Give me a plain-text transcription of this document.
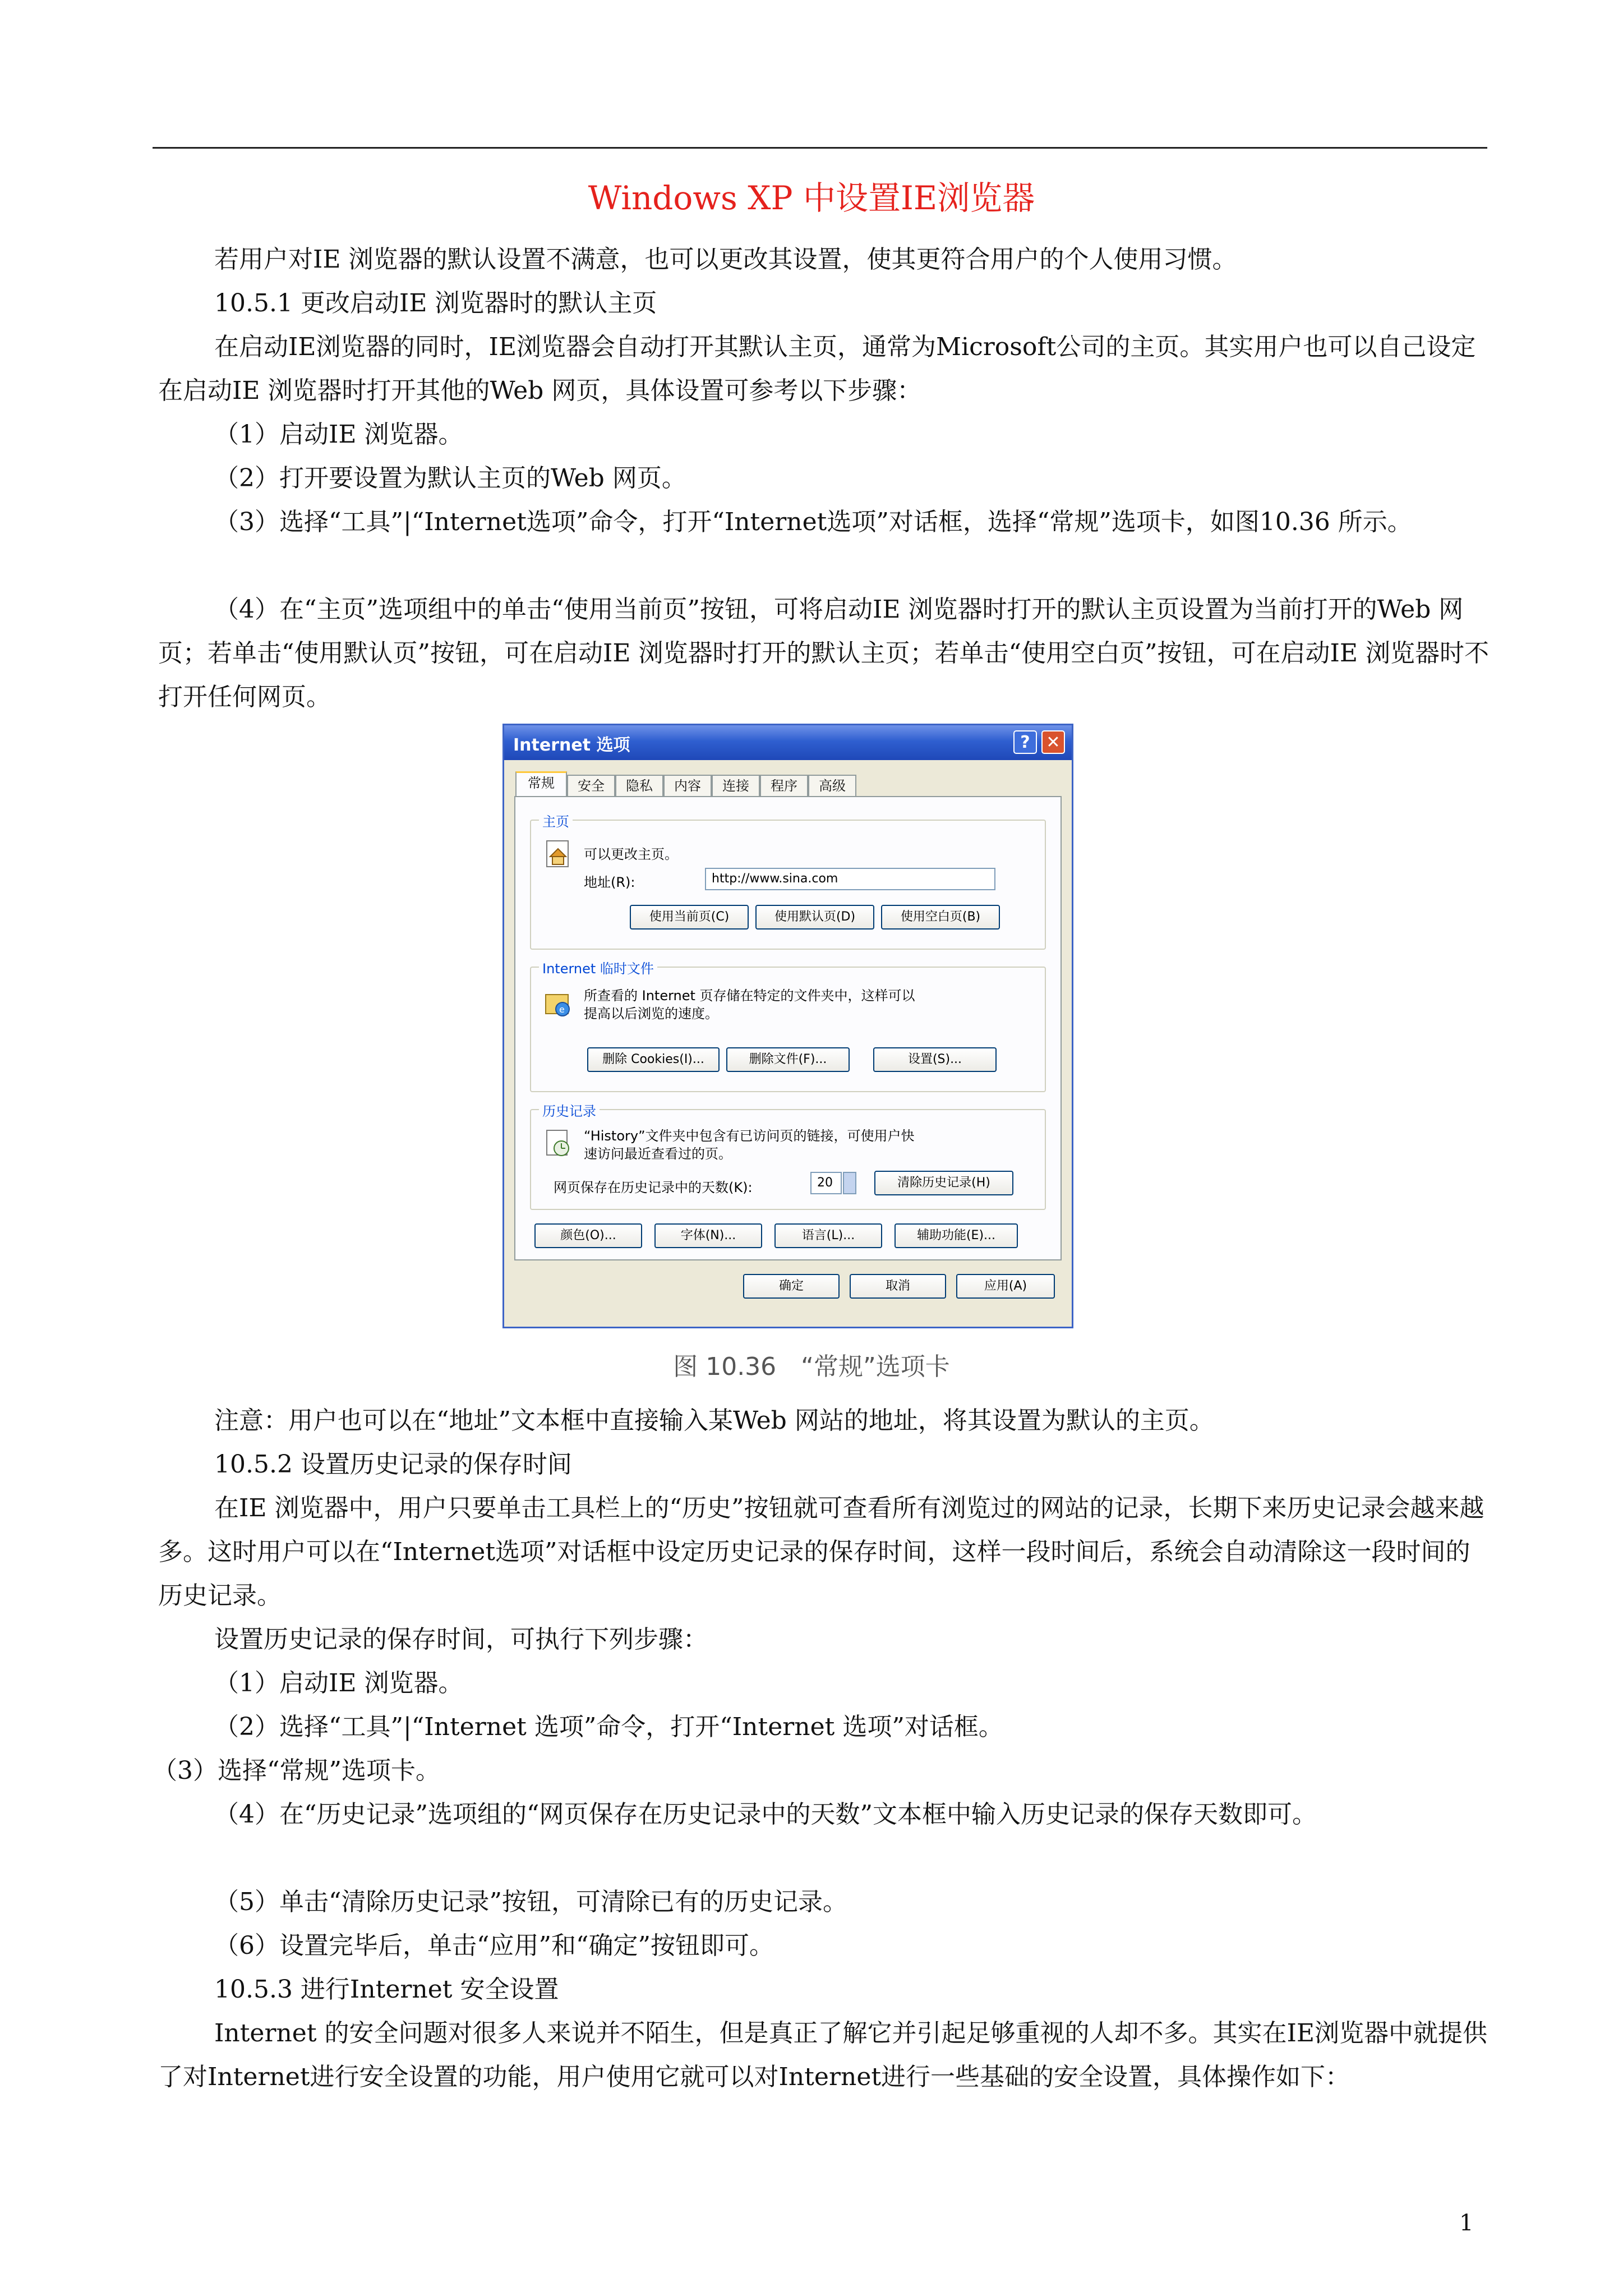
Windows XP 中设置IE浏览器

若用户对IE 浏览器的默认设置不满意，也可以更改其设置，使其更符合用户的个人使用习惯。

10.5.1 更改启动IE 浏览器时的默认主页

在启动IE浏览器的同时，IE浏览器会自动打开其默认主页，通常为Microsoft公司的主页。其实用户也可以自己设定在启动IE 浏览器时打开其他的Web 网页，具体设置可参考以下步骤：

（1）启动IE 浏览器。

（2）打开要设置为默认主页的Web 网页。

（3）选择“工具”|“Internet选项”命令，打开“Internet选项”对话框，选择“常规”选项卡，如图10.36 所示。

（4）在“主页”选项组中的单击“使用当前页”按钮，可将启动IE 浏览器时打开的默认主页设置为当前打开的Web 网页；若单击“使用默认页”按钮，可在启动IE 浏览器时打开的默认主页；若单击“使用空白页”按钮，可在启动IE 浏览器时不打开任何网页。

Internet 选项	? ✕
常规	安全	隐私	内容	连接	程序	高级
主页
可以更改主页。
地址(R):	http://www.sina.com
使用当前页(C)	使用默认页(D)	使用空白页(B)
Internet 临时文件
e
所查看的 Internet 页存储在特定的文件夹中，这样可以
提高以后浏览的速度。
删除 Cookies(I)...	删除文件(F)...	设置(S)...
历史记录
“History”文件夹中包含有已访问页的链接，可使用户快
速访问最近查看过的页。
网页保存在历史记录中的天数(K):	20	清除历史记录(H)
颜色(O)...	字体(N)...	语言(L)...	辅助功能(E)...
确定	取消	应用(A)
图 10.36　“常规”选项卡

注意：用户也可以在“地址”文本框中直接输入某Web 网站的地址，将其设置为默认的主页。

10.5.2 设置历史记录的保存时间

在IE 浏览器中，用户只要单击工具栏上的“历史”按钮就可查看所有浏览过的网站的记录，长期下来历史记录会越来越多。这时用户可以在“Internet选项”对话框中设定历史记录的保存时间，这样一段时间后，系统会自动清除这一段时间的历史记录。

设置历史记录的保存时间，可执行下列步骤：

（1）启动IE 浏览器。

（2）选择“工具”|“Internet 选项”命令，打开“Internet 选项”对话框。

（3）选择“常规”选项卡。

（4）在“历史记录”选项组的“网页保存在历史记录中的天数”文本框中输入历史记录的保存天数即可。

（5）单击“清除历史记录”按钮，可清除已有的历史记录。

（6）设置完毕后，单击“应用”和“确定”按钮即可。

10.5.3 进行Internet 安全设置

Internet 的安全问题对很多人来说并不陌生，但是真正了解它并引起足够重视的人却不多。其实在IE浏览器中就提供了对Internet进行安全设置的功能，用户使用它就可以对Internet进行一些基础的安全设置，具体操作如下：

1
